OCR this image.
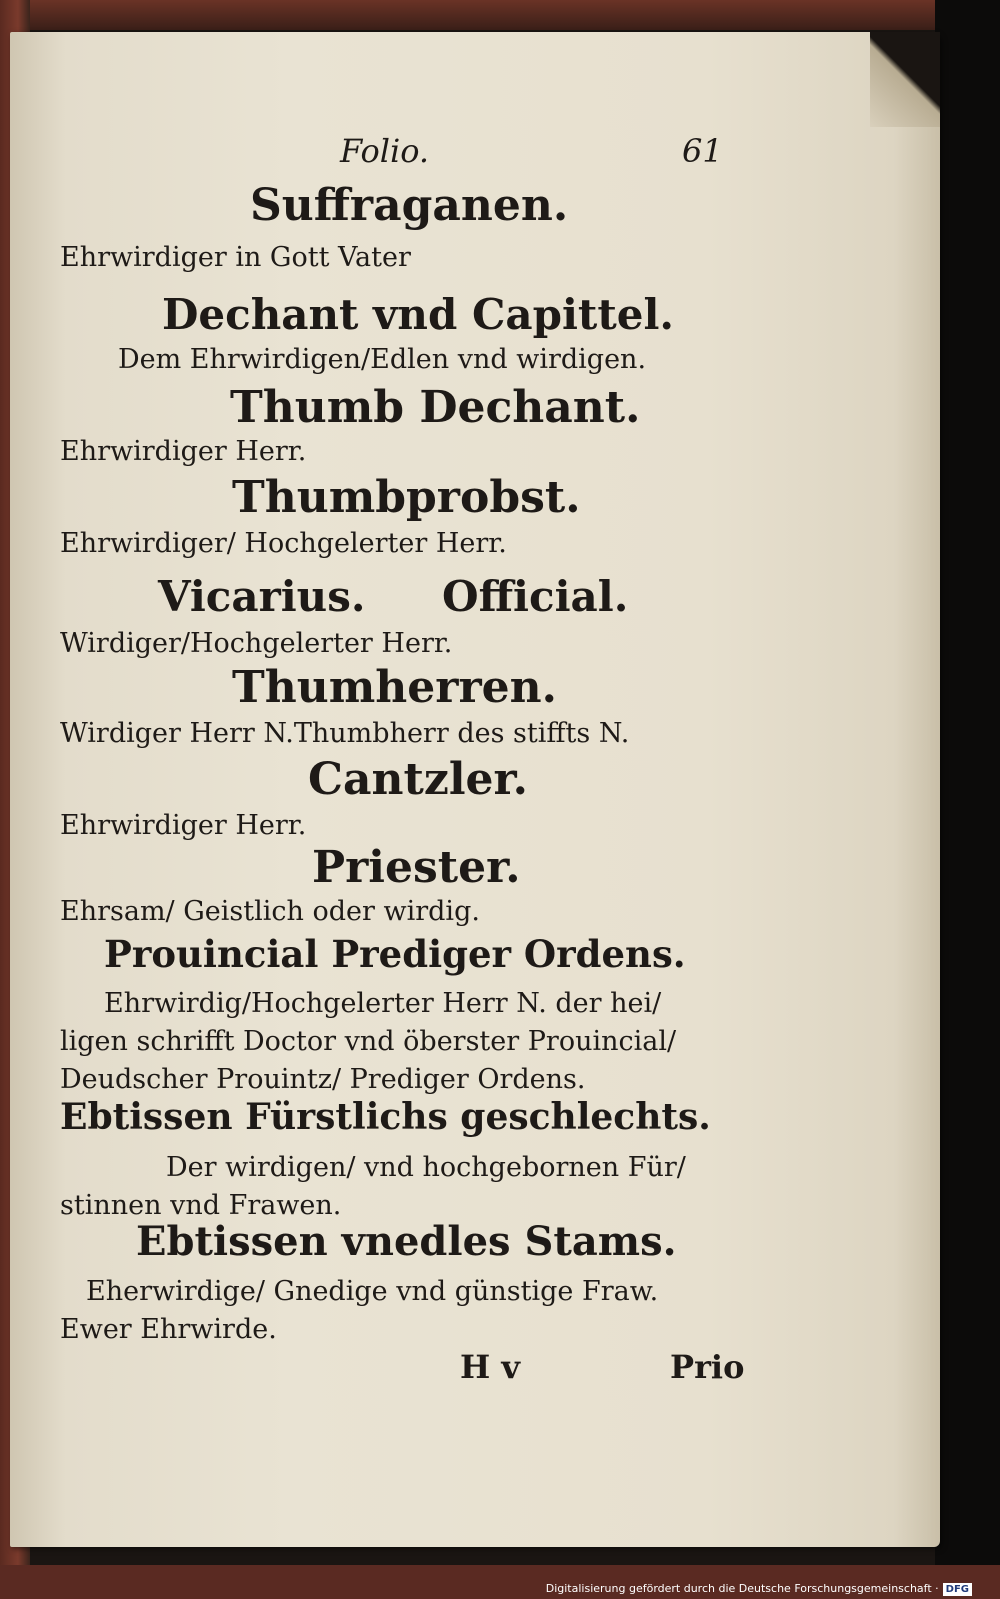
Folio.	61
Suffraganen.
Ehrwirdiger in Gott Vater
Dechant vnd Capittel.
Dem Ehrwirdigen/Edlen vnd wirdigen.
Thumb Dechant.
Ehrwirdiger Herr.
Thumbprobst.
Ehrwirdiger/ Hochgelerter Herr.
Vicarius. Official.
Wirdiger/Hochgelerter Herr.
Thumherren.
Wirdiger Herr N.Thumbherr des stiffts N.
Cantzler.
Ehrwirdiger Herr.
Priester.
Ehrsam/ Geistlich oder wirdig.
Prouincial Prediger Ordens.
Ehrwirdig/Hochgelerter Herr N. der hei/
ligen schrifft Doctor vnd öberster Prouincial/
Deudscher Prouintz/ Prediger Ordens.
Ebtissen Fürstlichs geschlechts.
Der wirdigen/ vnd hochgebornen Für/
stinnen vnd Frawen.
Ebtissen vnedles Stams.
Eherwirdige/ Gnedige vnd günstige Fraw.
Ewer Ehrwirde.
H v	Prio
Digitalisierung gefördert durch die Deutsche Forschungsgemeinschaft · DFG
